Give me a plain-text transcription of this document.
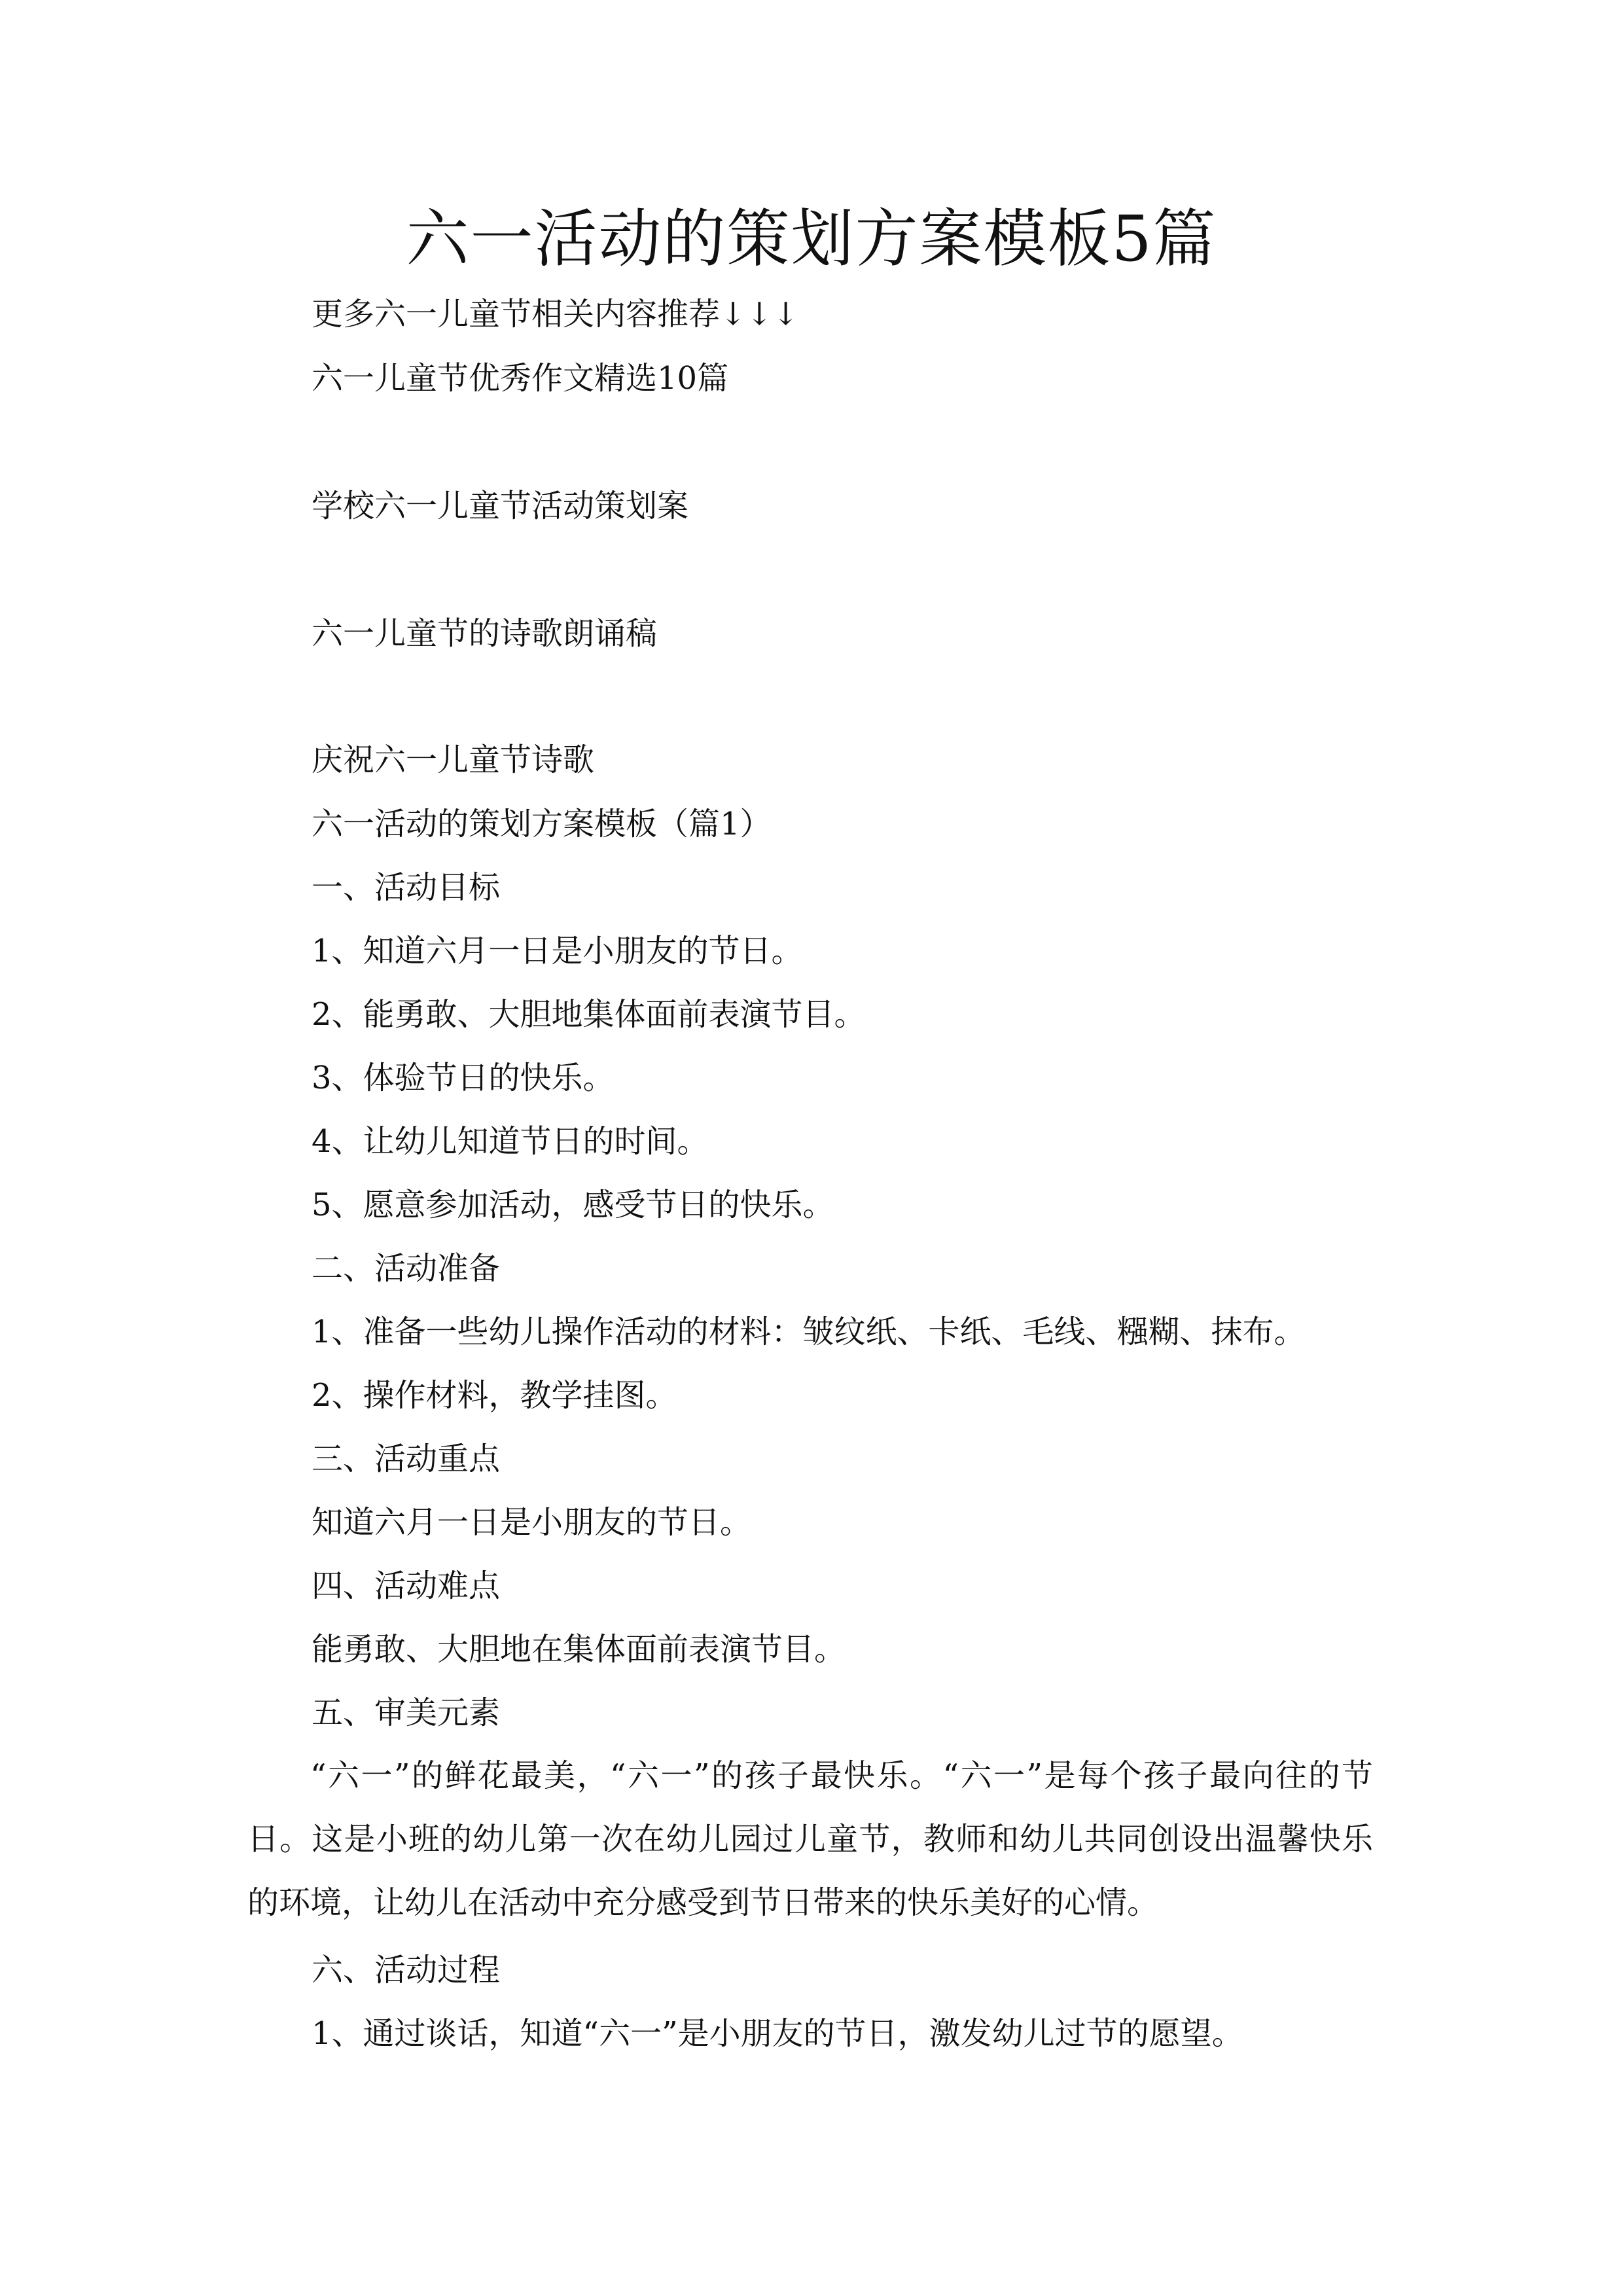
六一活动的策划方案模板5篇
更多六一儿童节相关内容推荐↓↓↓
六一儿童节优秀作文精选10篇
学校六一儿童节活动策划案
六一儿童节的诗歌朗诵稿
庆祝六一儿童节诗歌
六一活动的策划方案模板（篇1）
一、活动目标
1、知道六月一日是小朋友的节日。
2、能勇敢、大胆地集体面前表演节目。
3、体验节日的快乐。
4、让幼儿知道节日的时间。
5、愿意参加活动，感受节日的快乐。
二、活动准备
1、准备一些幼儿操作活动的材料：皱纹纸、卡纸、毛线、糨糊、抹布。
2、操作材料，教学挂图。
三、活动重点
知道六月一日是小朋友的节日。
四、活动难点
能勇敢、大胆地在集体面前表演节目。
五、审美元素
“六一”的鲜花最美，“六一”的孩子最快乐。“六一”是每个孩子最向往的节日。这是小班的幼儿第一次在幼儿园过儿童节，教师和幼儿共同创设出温馨快乐的环境，让幼儿在活动中充分感受到节日带来的快乐美好的心情。
六、活动过程
1、通过谈话，知道“六一”是小朋友的节日，激发幼儿过节的愿望。
